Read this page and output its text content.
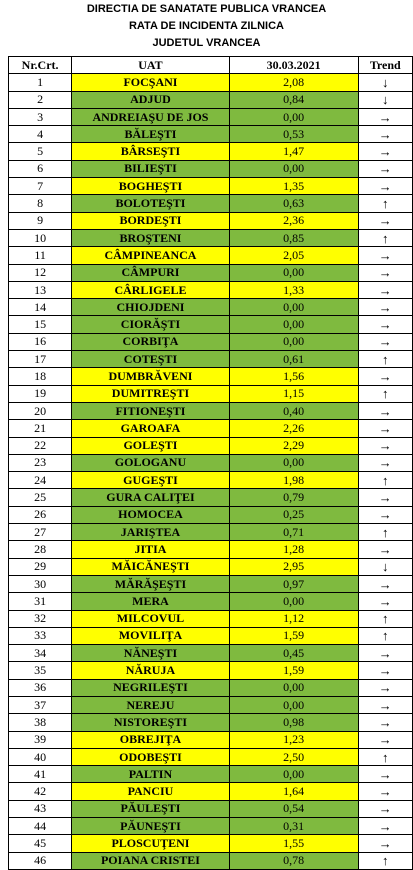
DIRECTIA DE SANATATE PUBLICA VRANCEA
RATA DE INCIDENTA ZILNICA
JUDETUL VRANCEA
Nr.Crt.	UAT	30.03.2021	Trend
1	FOCŞANI	2,08	↓
2	ADJUD	0,84	↓
3	ANDREIAŞU DE JOS	0,00	→
4	BĂLEŞTI	0,53	→
5	BÂRSEŞTI	1,47	→
6	BILIEŞTI	0,00	→
7	BOGHEŞTI	1,35	→
8	BOLOTEŞTI	0,63	↑
9	BORDEŞTI	2,36	→
10	BROŞTENI	0,85	↑
11	CÂMPINEANCA	2,05	→
12	CÂMPURI	0,00	→
13	CÂRLIGELE	1,33	→
14	CHIOJDENI	0,00	→
15	CIORĂŞTI	0,00	→
16	CORBIŢA	0,00	→
17	COTEŞTI	0,61	↑
18	DUMBRĂVENI	1,56	→
19	DUMITREŞTI	1,15	↑
20	FITIONEŞTI	0,40	→
21	GAROAFA	2,26	→
22	GOLEŞTI	2,29	→
23	GOLOGANU	0,00	→
24	GUGEŞTI	1,98	↑
25	GURA CALIŢEI	0,79	→
26	HOMOCEA	0,25	→
27	JARIŞTEA	0,71	↑
28	JITIA	1,28	→
29	MĂICĂNEŞTI	2,95	↓
30	MĂRĂŞEŞTI	0,97	→
31	MERA	0,00	→
32	MILCOVUL	1,12	↑
33	MOVILIŢA	1,59	↑
34	NĂNEŞTI	0,45	→
35	NĂRUJA	1,59	→
36	NEGRILEŞTI	0,00	→
37	NEREJU	0,00	→
38	NISTOREŞTI	0,98	→
39	OBREJIŢA	1,23	→
40	ODOBEŞTI	2,50	↑
41	PALTIN	0,00	→
42	PANCIU	1,64	→
43	PĂULEŞTI	0,54	→
44	PĂUNEŞTI	0,31	→
45	PLOSCUŢENI	1,55	→
46	POIANA CRISTEI	0,78	↑
